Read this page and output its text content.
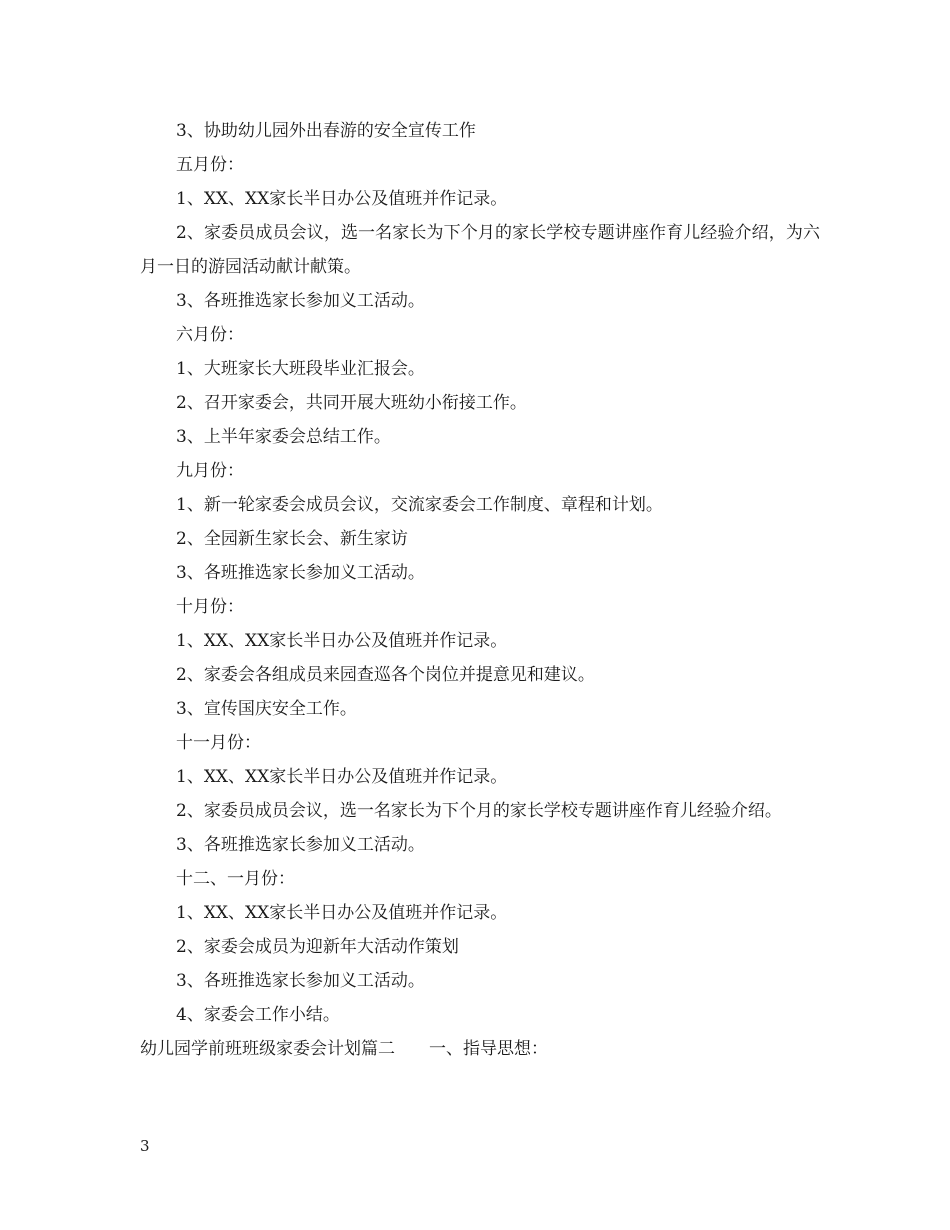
3、协助幼儿园外出春游的安全宣传工作

五月份：

1、XX、XX家长半日办公及值班并作记录。

2、家委员成员会议，选一名家长为下个月的家长学校专题讲座作育儿经验介绍，为六月一日的游园活动献计献策。

3、各班推选家长参加义工活动。

六月份：

1、大班家长大班段毕业汇报会。

2、召开家委会，共同开展大班幼小衔接工作。

3、上半年家委会总结工作。

九月份：

1、新一轮家委会成员会议，交流家委会工作制度、章程和计划。

2、全园新生家长会、新生家访

3、各班推选家长参加义工活动。

十月份：

1、XX、XX家长半日办公及值班并作记录。

2、家委会各组成员来园查巡各个岗位并提意见和建议。

3、宣传国庆安全工作。

十一月份：

1、XX、XX家长半日办公及值班并作记录。

2、家委员成员会议，选一名家长为下个月的家长学校专题讲座作育儿经验介绍。

3、各班推选家长参加义工活动。

十二、一月份：

1、XX、XX家长半日办公及值班并作记录。

2、家委会成员为迎新年大活动作策划

3、各班推选家长参加义工活动。

4、家委会工作小结。

幼儿园学前班班级家委会计划篇二 一、指导思想：

3
